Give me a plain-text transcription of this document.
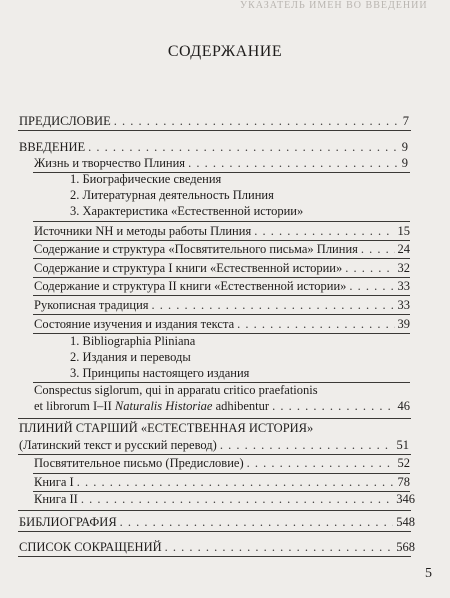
УКАЗАТЕЛЬ ИМЕН ВО ВВЕДЕНИИ
СОДЕРЖАНИЕ
ПРЕДИСЛОВИЕ . . .	7
ВВЕДЕНИЕ . . .	9
Жизнь и творчество Плиния . . .	9
1. Биографические сведения
2. Литературная деятельность Плиния
3. Характеристика «Естественной истории»
Источники NH и методы работы Плиния . . .	15
Содержание и структура «Посвятительного письма» Плиния . . .	24
Содержание и структура I книги «Естественной истории» . . .	32
Содержание и структура II книги «Естественной истории» . . .	33
Рукописная традиция . . .	33
Состояние изучения и издания текста . . .	39
1. Bibliographia Pliniana
2. Издания и переводы
3. Принципы настоящего издания
Conspectus siglorum, qui in apparatu critico praefationis
et librorum I–II Naturalis Historiae adhibentur . . .	46
ПЛИНИЙ СТАРШИЙ «ЕСТЕСТВЕННАЯ ИСТОРИЯ»
(Латинский текст и русский перевод) . . .	51
Посвятительное письмо (Предисловие) . . .	52
Книга I . . .	78
Книга II . . .	346
БИБЛИОГРАФИЯ . . .	548
СПИСОК СОКРАЩЕНИЙ . . .	568
5
